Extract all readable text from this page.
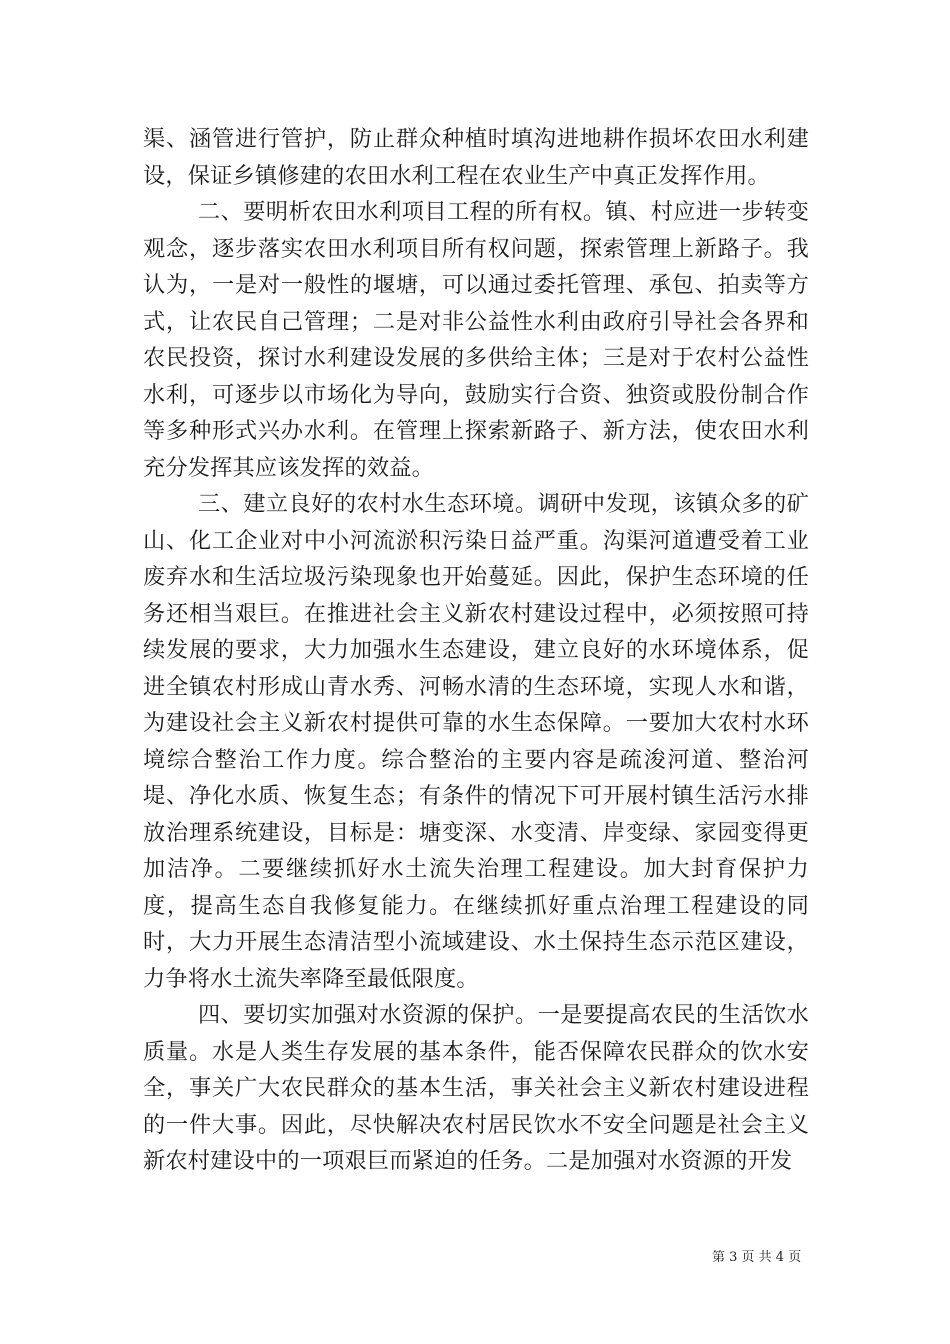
渠、涵管进行管护，防止群众种植时填沟进地耕作损坏农田水利建设，保证乡镇修建的农田水利工程在农业生产中真正发挥作用。

二、要明析农田水利项目工程的所有权。镇、村应进一步转变观念，逐步落实农田水利项目所有权问题，探索管理上新路子。我认为，一是对一般性的堰塘，可以通过委托管理、承包、拍卖等方式，让农民自己管理；二是对非公益性水利由政府引导社会各界和农民投资，探讨水利建设发展的多供给主体；三是对于农村公益性水利，可逐步以市场化为导向，鼓励实行合资、独资或股份制合作等多种形式兴办水利。在管理上探索新路子、新方法，使农田水利充分发挥其应该发挥的效益。

三、建立良好的农村水生态环境。调研中发现，该镇众多的矿山、化工企业对中小河流淤积污染日益严重。沟渠河道遭受着工业废弃水和生活垃圾污染现象也开始蔓延。因此，保护生态环境的任务还相当艰巨。在推进社会主义新农村建设过程中，必须按照可持续发展的要求，大力加强水生态建设，建立良好的水环境体系，促进全镇农村形成山青水秀、河畅水清的生态环境，实现人水和谐，为建设社会主义新农村提供可靠的水生态保障。一要加大农村水环境综合整治工作力度。综合整治的主要内容是疏浚河道、整治河堤、净化水质、恢复生态；有条件的情况下可开展村镇生活污水排放治理系统建设，目标是：塘变深、水变清、岸变绿、家园变得更加洁净。二要继续抓好水土流失治理工程建设。加大封育保护力度，提高生态自我修复能力。在继续抓好重点治理工程建设的同时，大力开展生态清洁型小流域建设、水土保持生态示范区建设，力争将水土流失率降至最低限度。

四、要切实加强对水资源的保护。一是要提高农民的生活饮水质量。水是人类生存发展的基本条件，能否保障农民群众的饮水安全，事关广大农民群众的基本生活，事关社会主义新农村建设进程的一件大事。因此，尽快解决农村居民饮水不安全问题是社会主义新农村建设中的一项艰巨而紧迫的任务。二是加强对水资源的开发

第 3 页 共 4 页
